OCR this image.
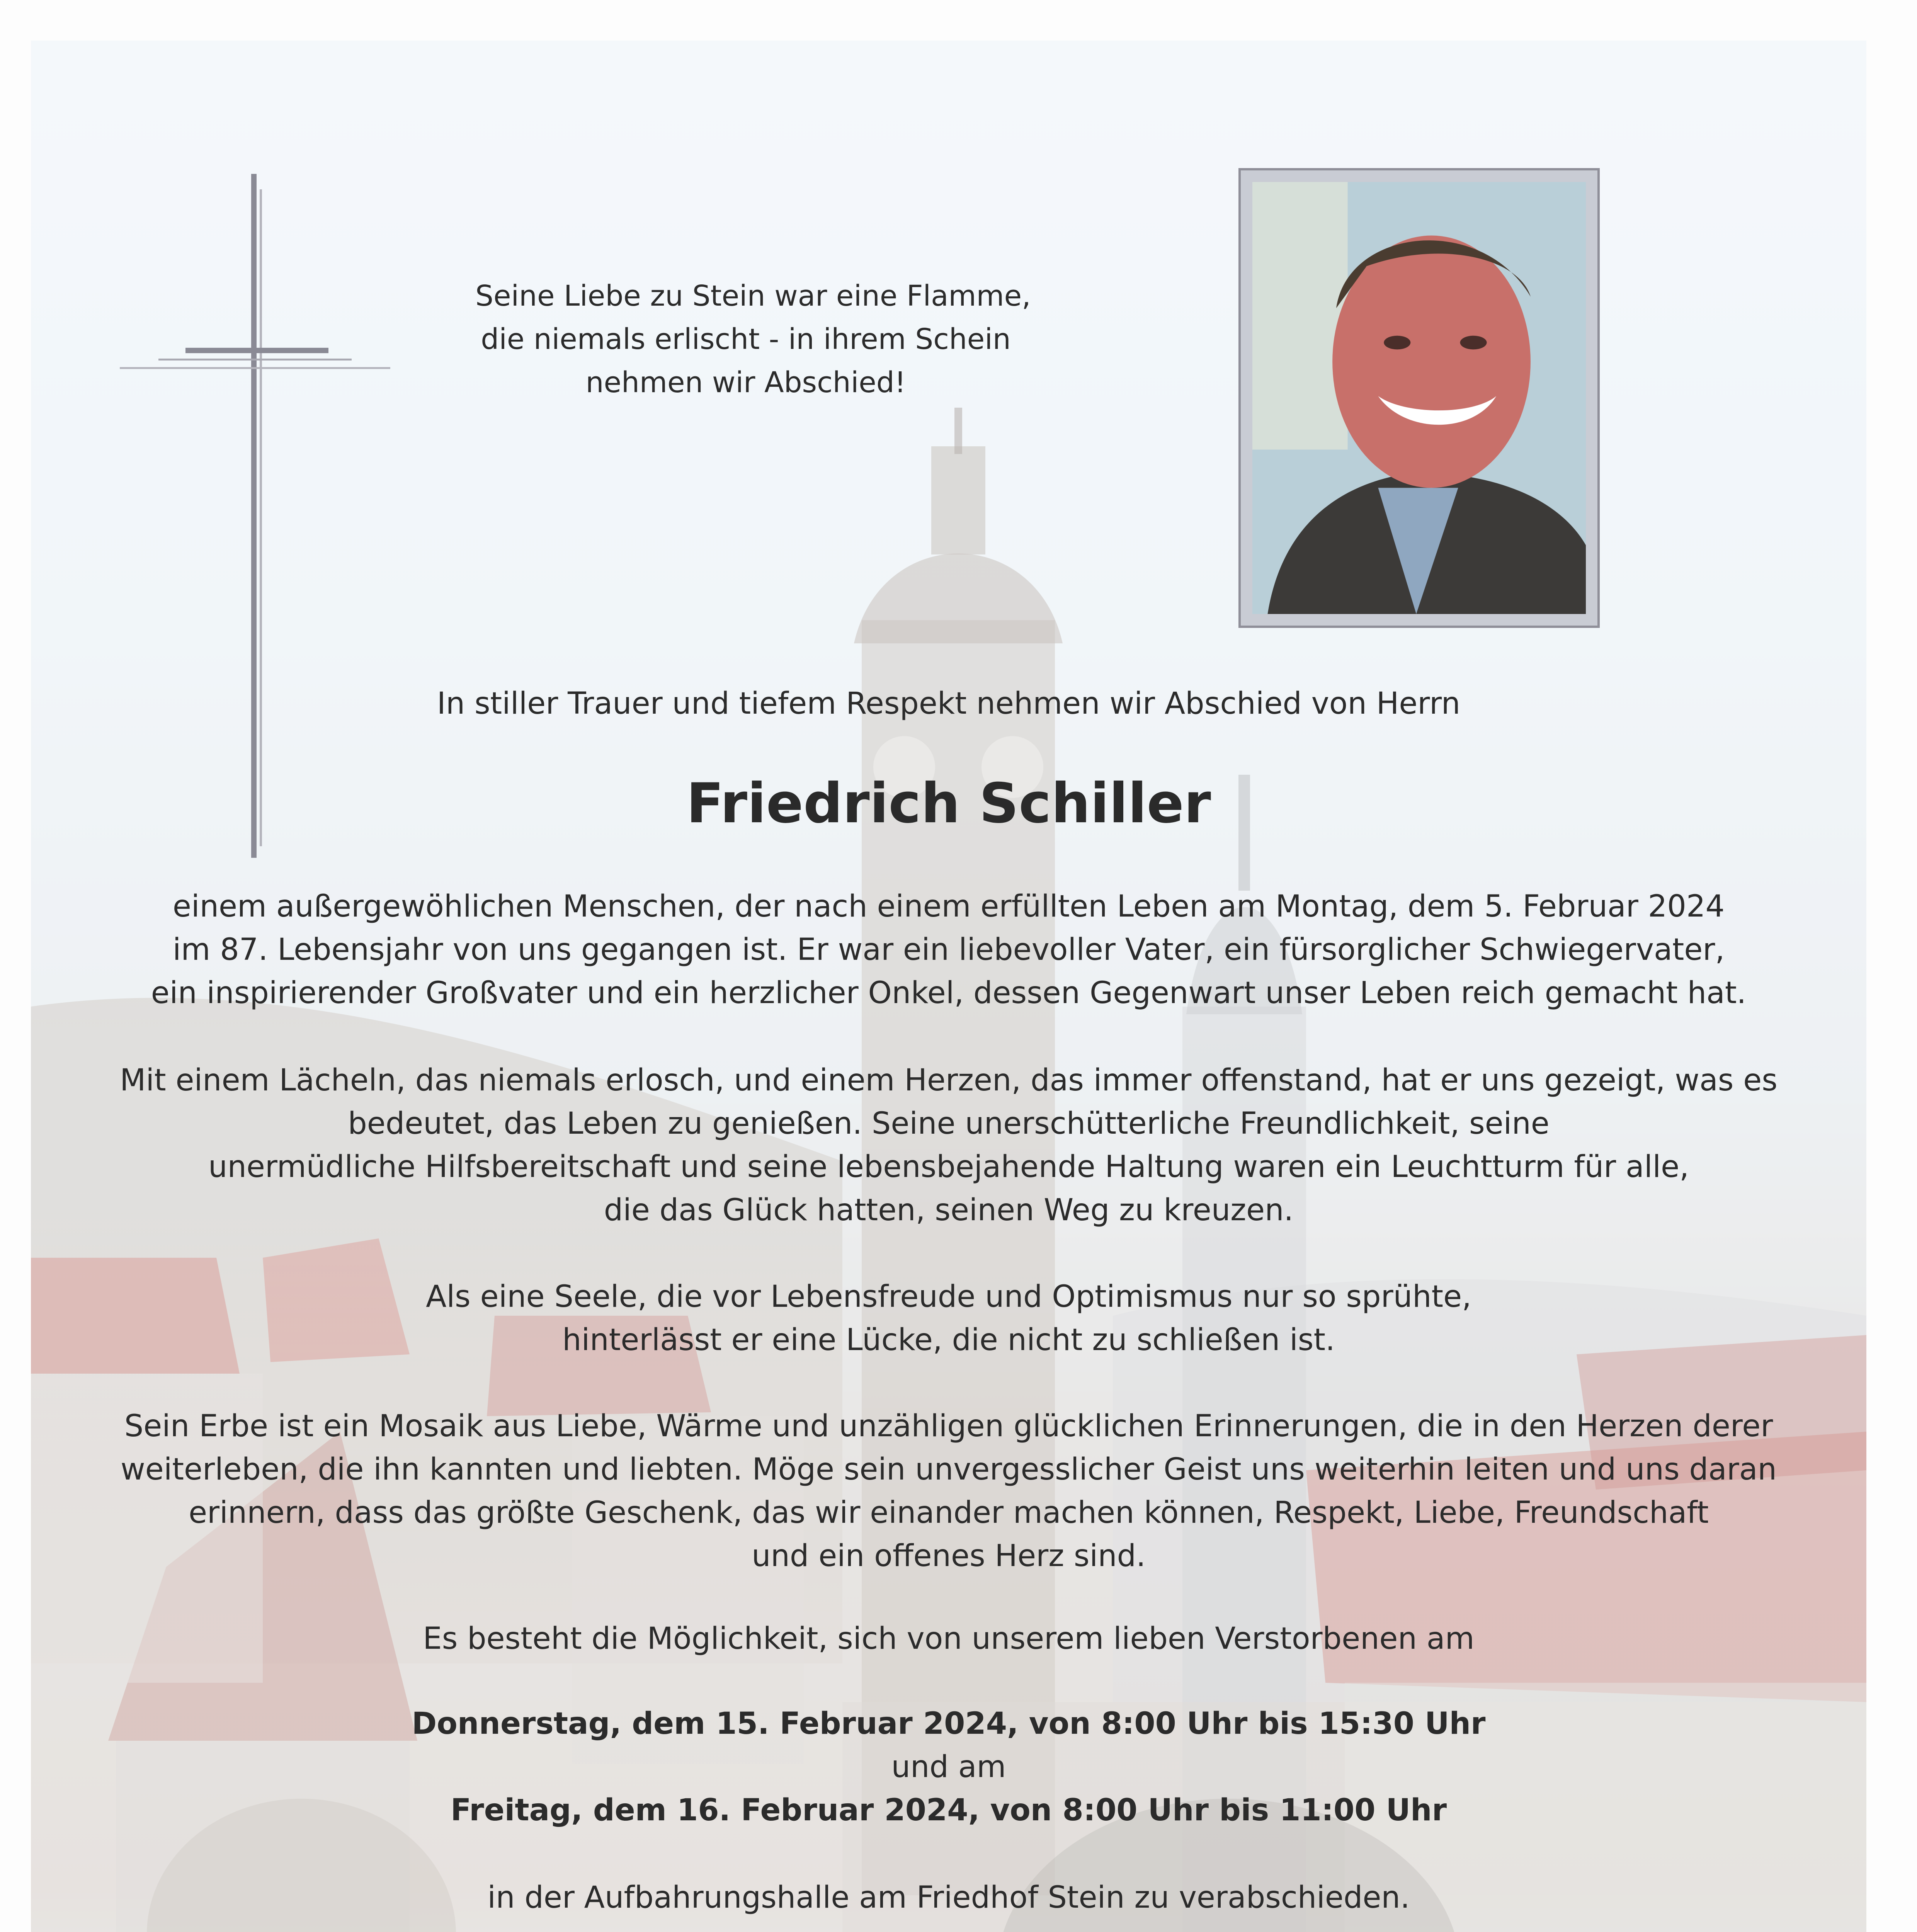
Seine Liebe zu Stein war eine Flamme,
die niemals erlischt - in ihrem Schein
nehmen wir Abschied!
In stiller Trauer und tiefem Respekt nehmen wir Abschied von Herrn
Friedrich Schiller
einem außergewöhlichen Menschen, der nach einem erfüllten Leben am Montag, dem 5. Februar 2024
im 87. Lebensjahr von uns gegangen ist. Er war ein liebevoller Vater, ein fürsorglicher Schwiegervater,
ein inspirierender Großvater und ein herzlicher Onkel, dessen Gegenwart unser Leben reich gemacht hat.
Mit einem Lächeln, das niemals erlosch, und einem Herzen, das immer offenstand, hat er uns gezeigt, was es
bedeutet, das Leben zu genießen. Seine unerschütterliche Freundlichkeit, seine
unermüdliche Hilfsbereitschaft und seine lebensbejahende Haltung waren ein Leuchtturm für alle,
die das Glück hatten, seinen Weg zu kreuzen.
Als eine Seele, die vor Lebensfreude und Optimismus nur so sprühte,
hinterlässt er eine Lücke, die nicht zu schließen ist.
Sein Erbe ist ein Mosaik aus Liebe, Wärme und unzähligen glücklichen Erinnerungen, die in den Herzen derer
weiterleben, die ihn kannten und liebten. Möge sein unvergesslicher Geist uns weiterhin leiten und uns daran
erinnern, dass das größte Geschenk, das wir einander machen können, Respekt, Liebe, Freundschaft
und ein offenes Herz sind.
Es besteht die Möglichkeit, sich von unserem lieben Verstorbenen am
Donnerstag, dem 15. Februar 2024, von 8:00 Uhr bis 15:30 Uhr
und am
Freitag, dem 16. Februar 2024, von 8:00 Uhr bis 11:00 Uhr
in der Aufbahrungshalle am Friedhof Stein zu verabschieden.
